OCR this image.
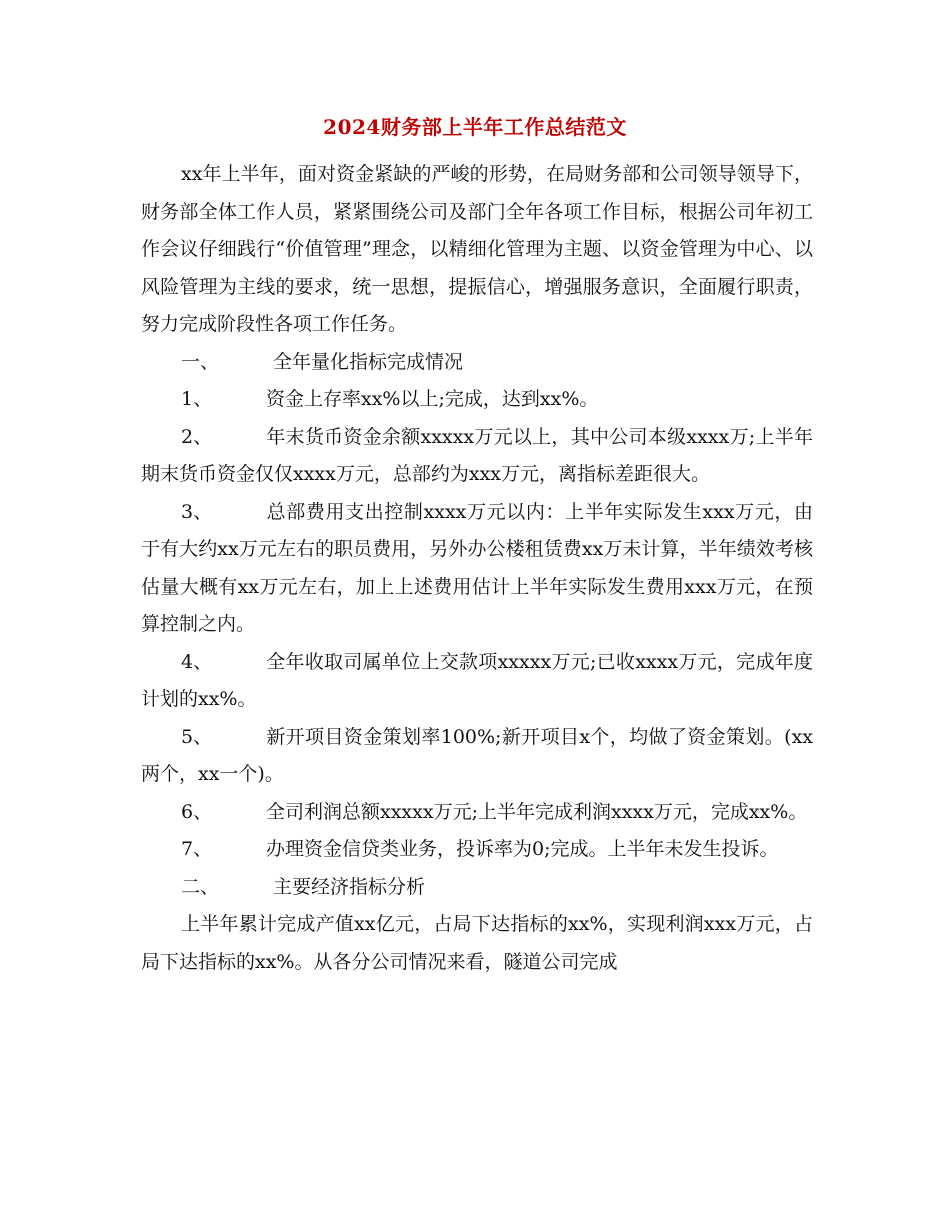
2024财务部上半年工作总结范文

xx年上半年，面对资金紧缺的严峻的形势，在局财务部和公司领导领导下，财务部全体工作人员，紧紧围绕公司及部门全年各项工作目标，根据公司年初工作会议仔细践行“价值管理”理念，以精细化管理为主题、以资金管理为中心、以风险管理为主线的要求，统一思想，提振信心，增强服务意识，全面履行职责，努力完成阶段性各项工作任务。

一、	全年量化指标完成情况

1、	资金上存率xx%以上;完成，达到xx%。

2、	年末货币资金余额xxxxx万元以上，其中公司本级xxxx万;上半年期末货币资金仅仅xxxx万元，总部约为xxx万元，离指标差距很大。

3、	总部费用支出控制xxxx万元以内：上半年实际发生xxx万元，由于有大约xx万元左右的职员费用，另外办公楼租赁费xx万未计算，半年绩效考核估量大概有xx万元左右，加上上述费用估计上半年实际发生费用xxx万元，在预算控制之内。

4、	全年收取司属单位上交款项xxxxx万元;已收xxxx万元，完成年度计划的xx%。

5、	新开项目资金策划率100%;新开项目x个，均做了资金策划。(xx两个，xx一个)。

6、	全司利润总额xxxxx万元;上半年完成利润xxxx万元，完成xx%。

7、	办理资金信贷类业务，投诉率为0;完成。上半年未发生投诉。

二、	主要经济指标分析

上半年累计完成产值xx亿元，占局下达指标的xx%，实现利润xxx万元，占局下达指标的xx%。从各分公司情况来看，隧道公司完成
